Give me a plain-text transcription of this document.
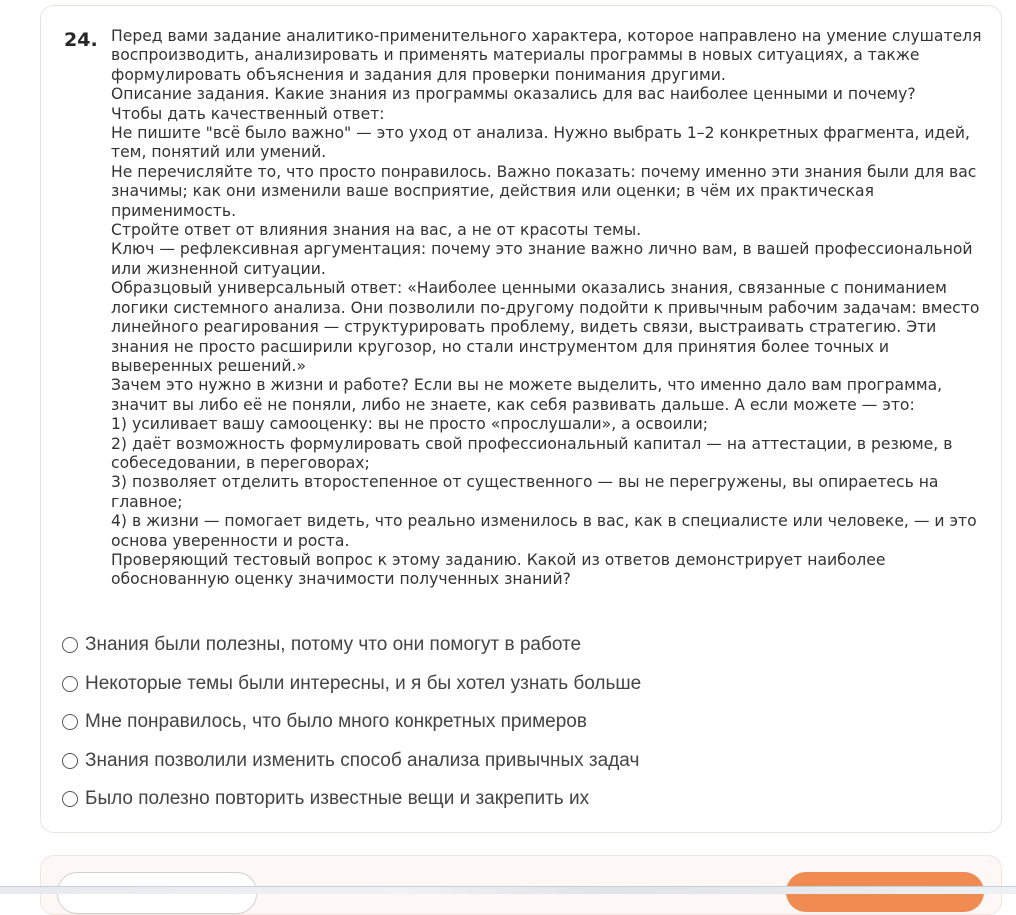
24. Перед вами задание аналитико-применительного характера, которое направлено на умение слушателя воспроизводить, анализировать и применять материалы программы в новых ситуациях, а также формулировать объяснения и задания для проверки понимания другими.

Описание задания. Какие знания из программы оказались для вас наиболее ценными и почему?

Чтобы дать качественный ответ:

Не пишите "всё было важно" — это уход от анализа. Нужно выбрать 1–2 конкретных фрагмента, идей, тем, понятий или умений.

Не перечисляйте то, что просто понравилось. Важно показать: почему именно эти знания были для вас значимы; как они изменили ваше восприятие, действия или оценки; в чём их практическая применимость.

Стройте ответ от влияния знания на вас, а не от красоты темы.

Ключ — рефлексивная аргументация: почему это знание важно лично вам, в вашей профессиональной или жизненной ситуации.

Образцовый универсальный ответ: «Наиболее ценными оказались знания, связанные с пониманием логики системного анализа. Они позволили по-другому подойти к привычным рабочим задачам: вместо линейного реагирования — структурировать проблему, видеть связи, выстраивать стратегию. Эти знания не просто расширили кругозор, но стали инструментом для принятия более точных и выверенных решений.»

Зачем это нужно в жизни и работе? Если вы не можете выделить, что именно дало вам программа, значит вы либо её не поняли, либо не знаете, как себя развивать дальше. А если можете — это:

1) усиливает вашу самооценку: вы не просто «прослушали», а освоили;

2) даёт возможность формулировать свой профессиональный капитал — на аттестации, в резюме, в собеседовании, в переговорах;

3) позволяет отделить второстепенное от существенного — вы не перегружены, вы опираетесь на главное;

4) в жизни — помогает видеть, что реально изменилось в вас, как в специалисте или человеке, — и это основа уверенности и роста.

Проверяющий тестовый вопрос к этому заданию. Какой из ответов демонстрирует наиболее обоснованную оценку значимости полученных знаний?

Знания были полезны, потому что они помогут в работе
Некоторые темы были интересны, и я бы хотел узнать больше
Мне понравилось, что было много конкретных примеров
Знания позволили изменить способ анализа привычных задач
Было полезно повторить известные вещи и закрепить их
